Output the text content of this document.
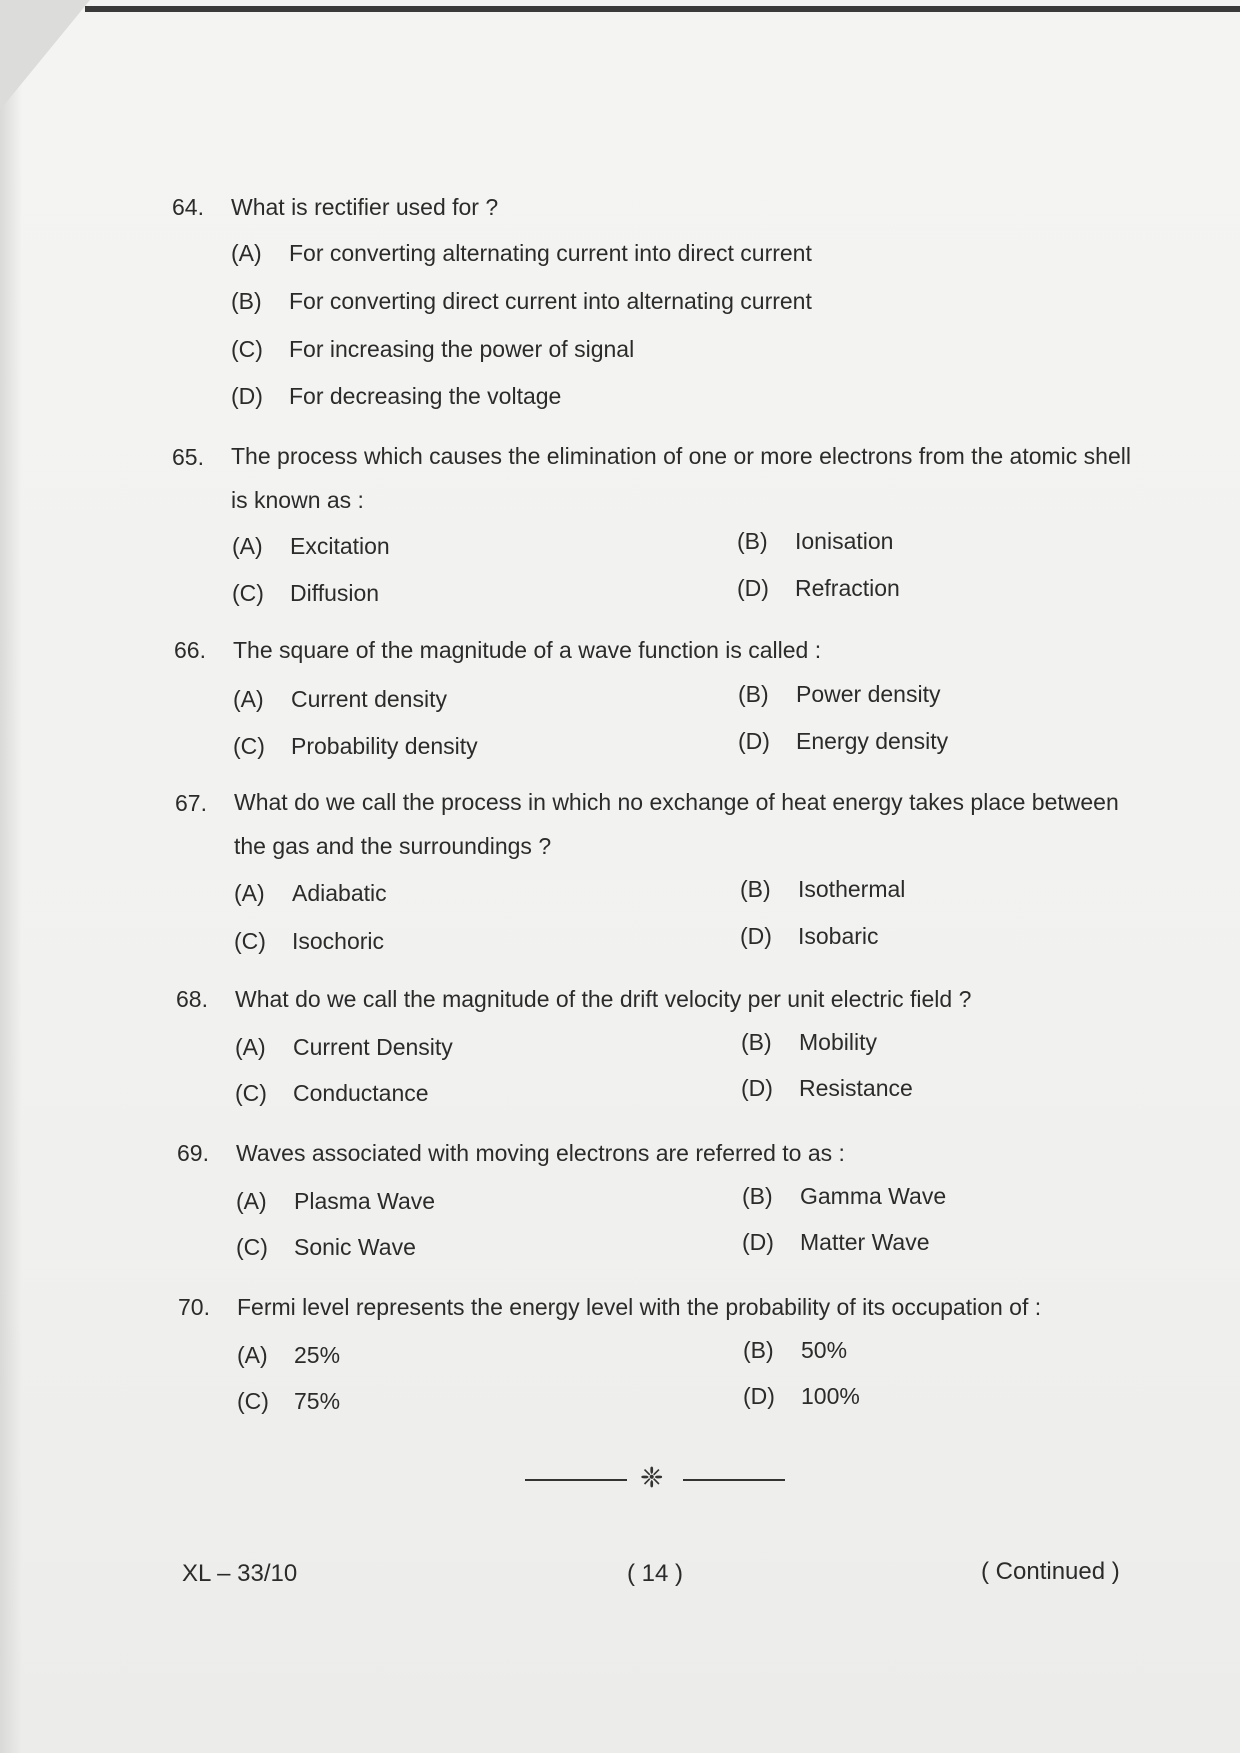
64. What is rectifier used for ?
(A) For converting alternating current into direct current
(B) For converting direct current into alternating current
(C) For increasing the power of signal
(D) For decreasing the voltage
65. The process which causes the elimination of one or more electrons from the atomic shell is known as :
(A) Excitation	(B) Ionisation
(C) Diffusion	(D) Refraction
66. The square of the magnitude of a wave function is called :
(A) Current density	(B) Power density
(C) Probability density	(D) Energy density
67. What do we call the process in which no exchange of heat energy takes place between the gas and the surroundings ?
(A) Adiabatic	(B) Isothermal
(C) Isochoric	(D) Isobaric
68. What do we call the magnitude of the drift velocity per unit electric field ?
(A) Current Density	(B) Mobility
(C) Conductance	(D) Resistance
69. Waves associated with moving electrons are referred to as :
(A) Plasma Wave	(B) Gamma Wave
(C) Sonic Wave	(D) Matter Wave
70. Fermi level represents the energy level with the probability of its occupation of :
(A) 25%	(B) 50%
(C) 75%	(D) 100%
❈
XL – 33/10	( 14 )	( Continued )
